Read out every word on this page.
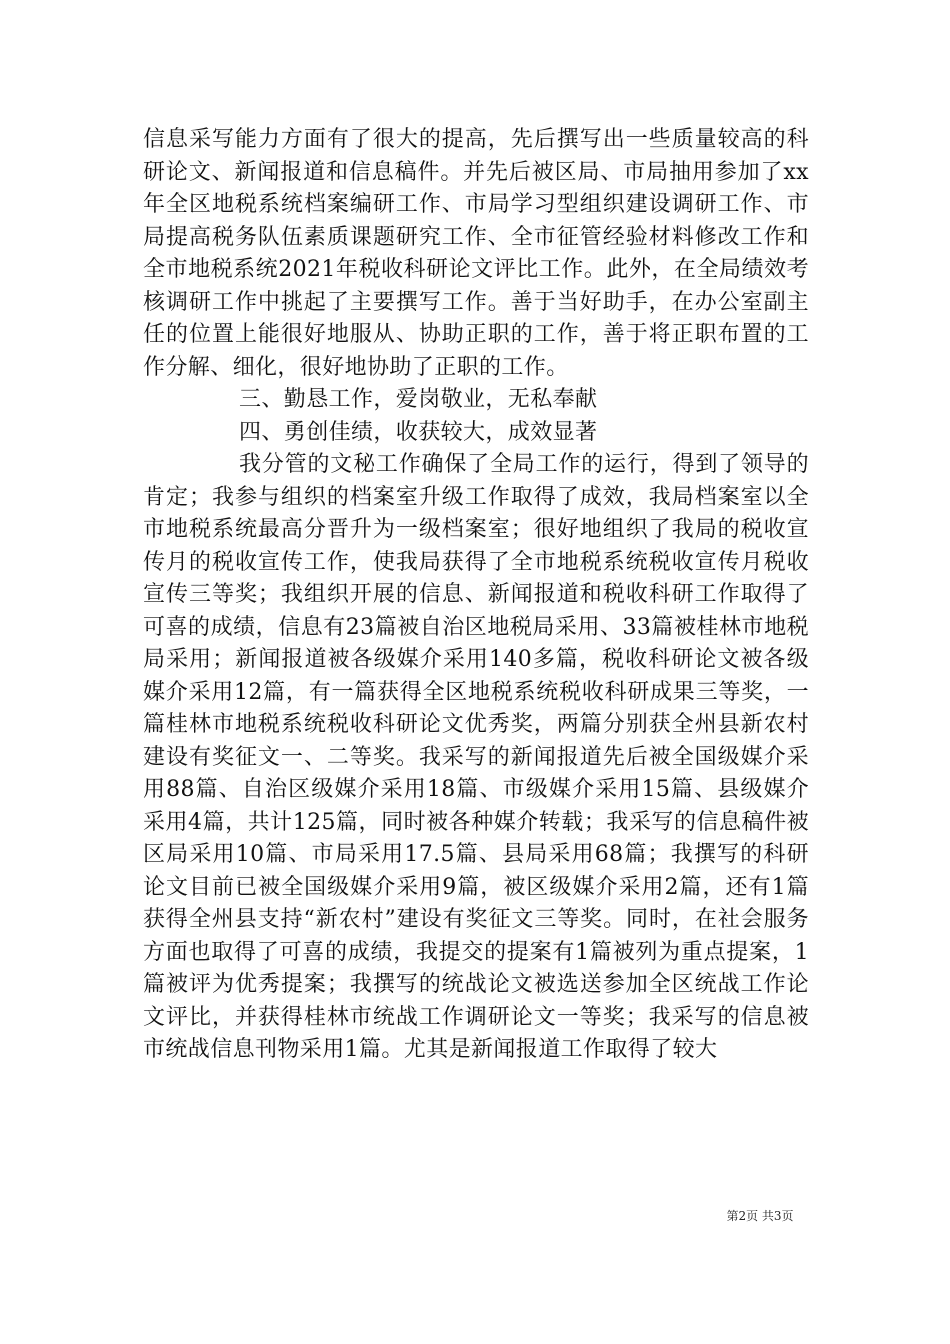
信息采写能力方面有了很大的提高，先后撰写出一些质量较高的科研论文、新闻报道和信息稿件。并先后被区局、市局抽用参加了xx年全区地税系统档案编研工作、市局学习型组织建设调研工作、市局提高税务队伍素质课题研究工作、全市征管经验材料修改工作和全市地税系统2021年税收科研论文评比工作。此外，在全局绩效考核调研工作中挑起了主要撰写工作。善于当好助手，在办公室副主任的位置上能很好地服从、协助正职的工作，善于将正职布置的工作分解、细化，很好地协助了正职的工作。

三、勤恳工作，爱岗敬业，无私奉献

四、勇创佳绩，收获较大，成效显著

我分管的文秘工作确保了全局工作的运行，得到了领导的肯定；我参与组织的档案室升级工作取得了成效，我局档案室以全市地税系统最高分晋升为一级档案室；很好地组织了我局的税收宣传月的税收宣传工作，使我局获得了全市地税系统税收宣传月税收宣传三等奖；我组织开展的信息、新闻报道和税收科研工作取得了可喜的成绩，信息有23篇被自治区地税局采用、33篇被桂林市地税局采用；新闻报道被各级媒介采用140多篇，税收科研论文被各级媒介采用12篇，有一篇获得全区地税系统税收科研成果三等奖，一篇桂林市地税系统税收科研论文优秀奖，两篇分别获全州县新农村建设有奖征文一、二等奖。我采写的新闻报道先后被全国级媒介采用88篇、自治区级媒介采用18篇、市级媒介采用15篇、县级媒介采用4篇，共计125篇，同时被各种媒介转载；我采写的信息稿件被区局采用10篇、市局采用17.5篇、县局采用68篇；我撰写的科研论文目前已被全国级媒介采用9篇，被区级媒介采用2篇，还有1篇获得全州县支持“新农村”建设有奖征文三等奖。同时，在社会服务方面也取得了可喜的成绩，我提交的提案有1篇被列为重点提案，1篇被评为优秀提案；我撰写的统战论文被选送参加全区统战工作论文评比，并获得桂林市统战工作调研论文一等奖；我采写的信息被市统战信息刊物采用1篇。尤其是新闻报道工作取得了较大

第2页 共3页
